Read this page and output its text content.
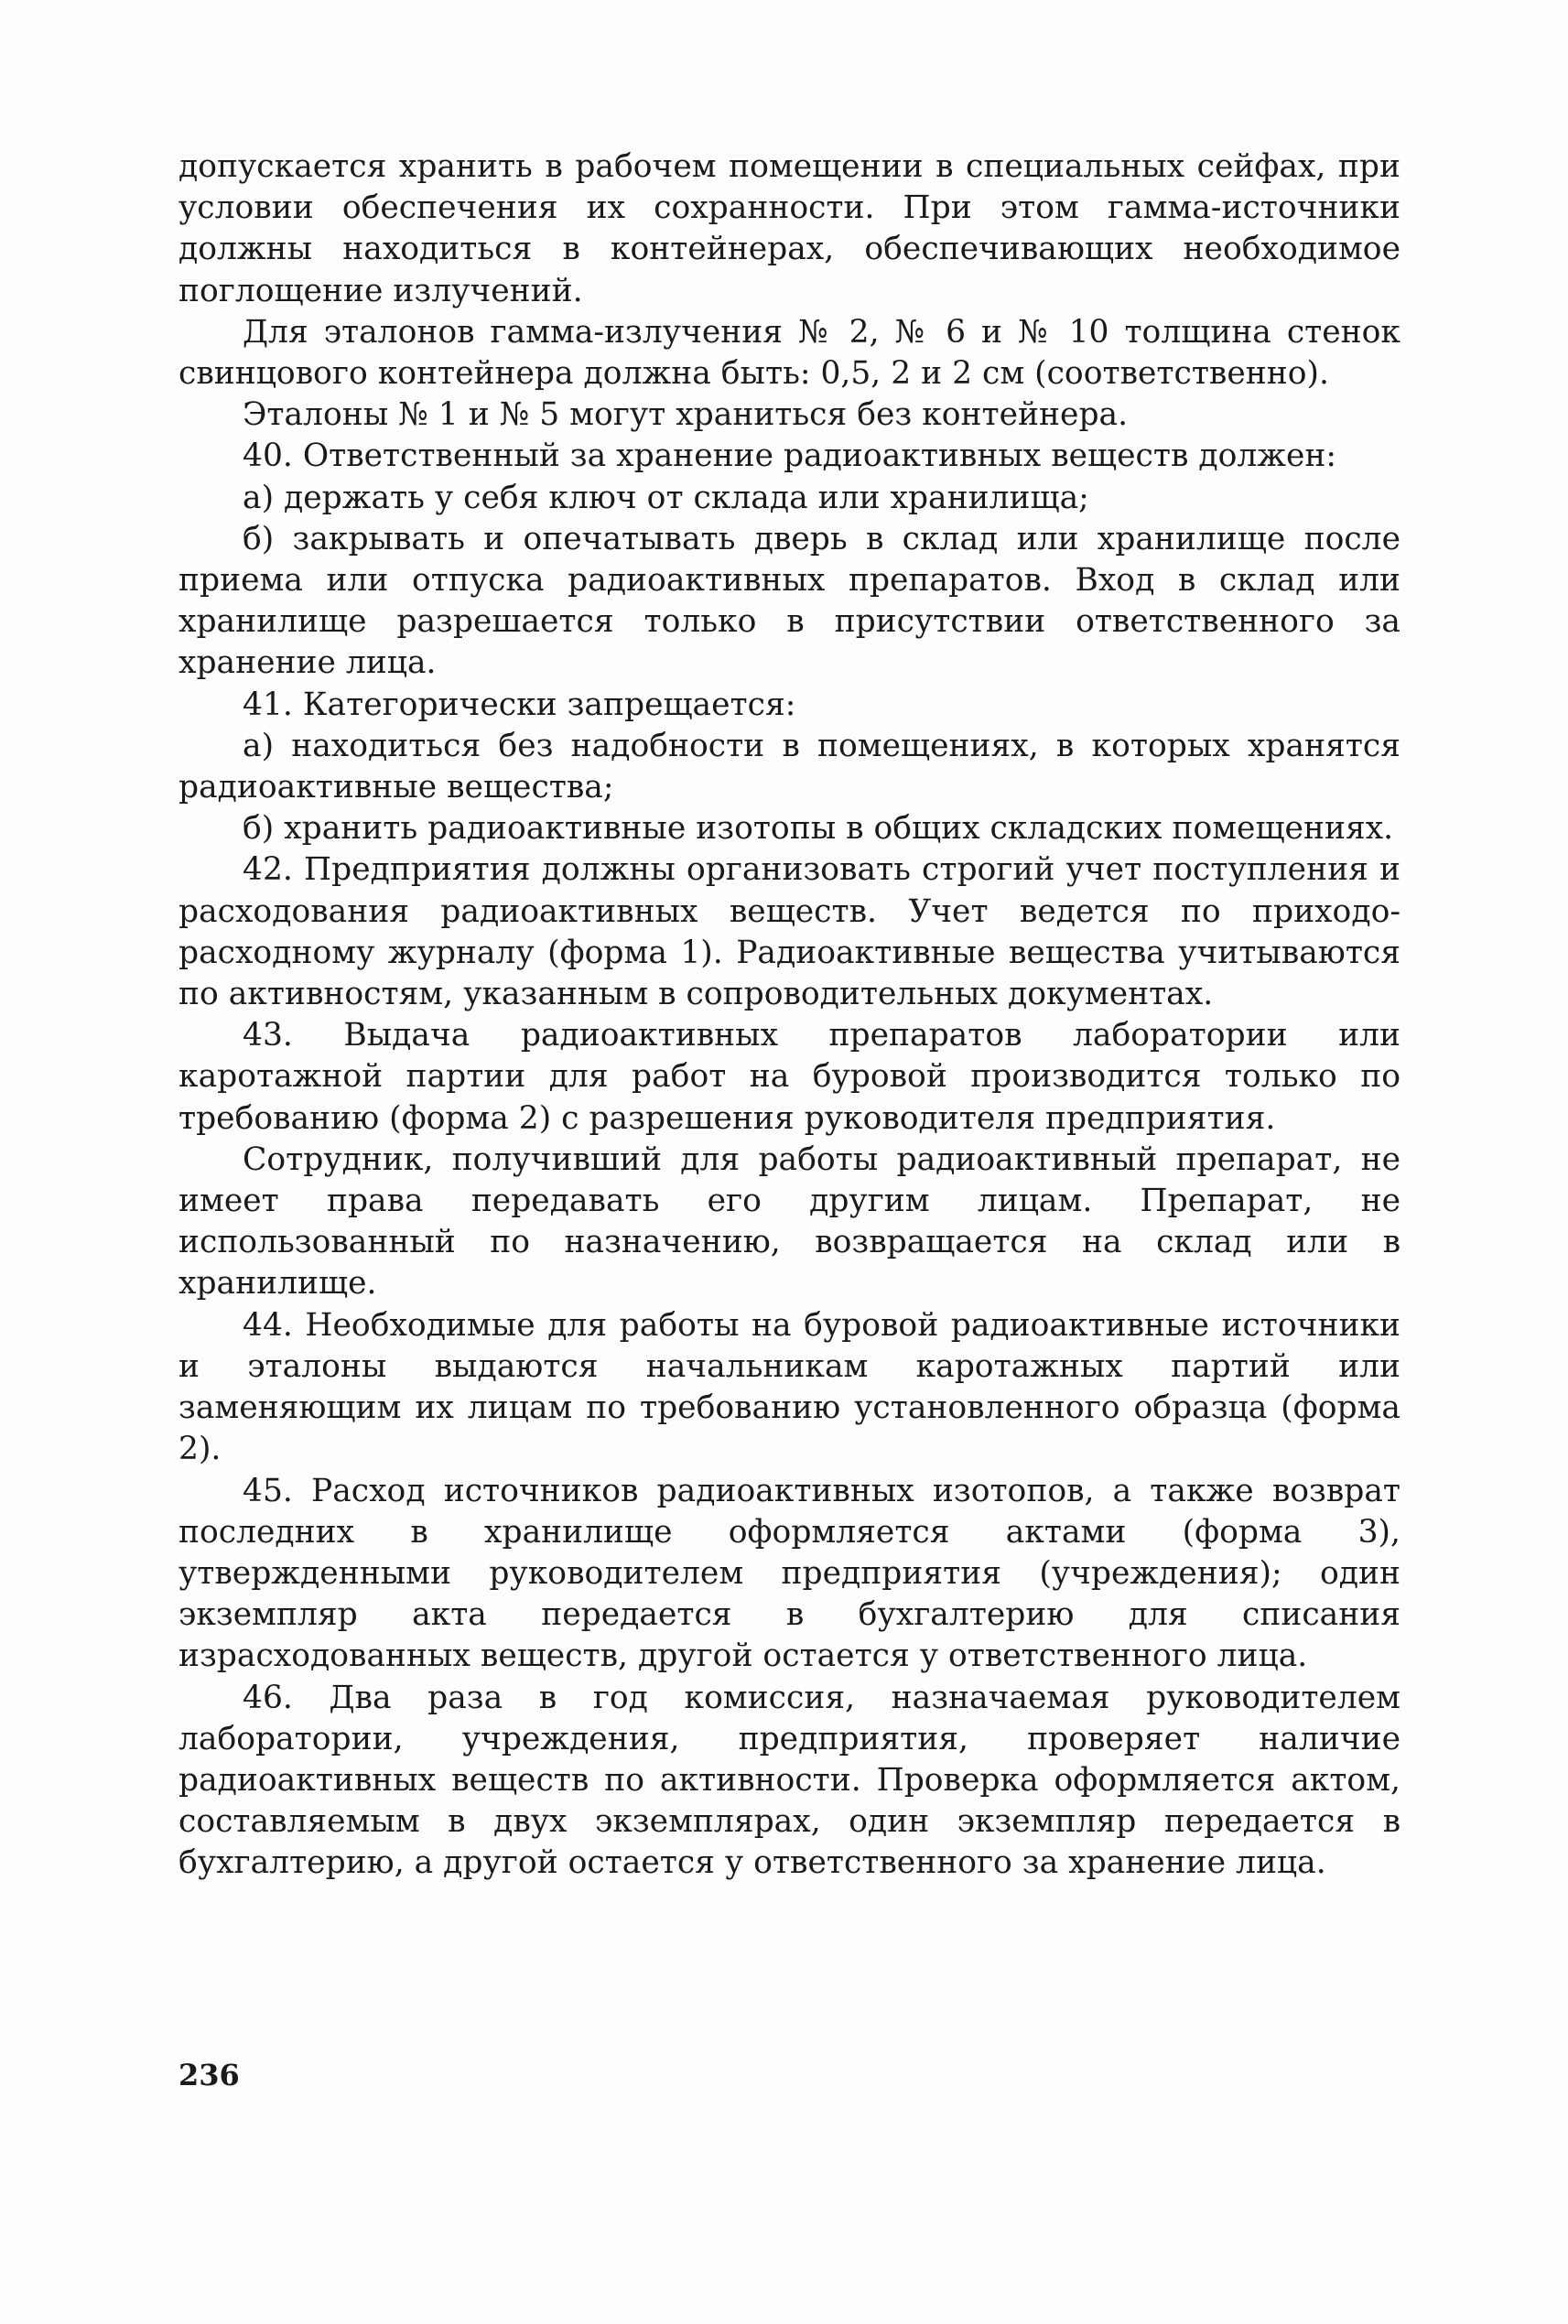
допускается хранить в рабочем помещении в специальных сейфах, при условии обеспечения их сохранности. При этом гамма-источники должны находиться в контейнерах, обеспечивающих необходимое поглощение излучений.

Для эталонов гамма-излучения № 2, № 6 и № 10 толщина стенок свинцового контейнера должна быть: 0,5, 2 и 2 см (соответственно).

Эталоны № 1 и № 5 могут храниться без контейнера.

40. Ответственный за хранение радиоактивных веществ должен:

а) держать у себя ключ от склада или хранилища;

б) закрывать и опечатывать дверь в склад или хранилище после приема или отпуска радиоактивных препаратов. Вход в склад или хранилище разрешается только в присутствии ответственного за хранение лица.

41. Категорически запрещается:

а) находиться без надобности в помещениях, в которых хранятся радиоактивные вещества;

б) хранить радиоактивные изотопы в общих складских помещениях.

42. Предприятия должны организовать строгий учет поступления и расходования радиоактивных веществ. Учет ведется по приходо-расходному журналу (форма 1). Радиоактивные вещества учитываются по активностям, указанным в сопроводительных документах.

43. Выдача радиоактивных препаратов лаборатории или каротажной партии для работ на буровой производится только по требованию (форма 2) с разрешения руководителя предприятия.

Сотрудник, получивший для работы радиоактивный препарат, не имеет права передавать его другим лицам. Препарат, не использованный по назначению, возвращается на склад или в хранилище.

44. Необходимые для работы на буровой радиоактивные источники и эталоны выдаются начальникам каротажных партий или заменяющим их лицам по требованию установленного образца (форма 2).

45. Расход источников радиоактивных изотопов, а также возврат последних в хранилище оформляется актами (форма 3), утвержденными руководителем предприятия (учреждения); один экземпляр акта передается в бухгалтерию для списания израсходованных веществ, другой остается у ответственного лица.

46. Два раза в год комиссия, назначаемая руководителем лаборатории, учреждения, предприятия, проверяет наличие радиоактивных веществ по активности. Проверка оформляется актом, составляемым в двух экземплярах, один экземпляр передается в бухгалтерию, а другой остается у ответственного за хранение лица.

236
